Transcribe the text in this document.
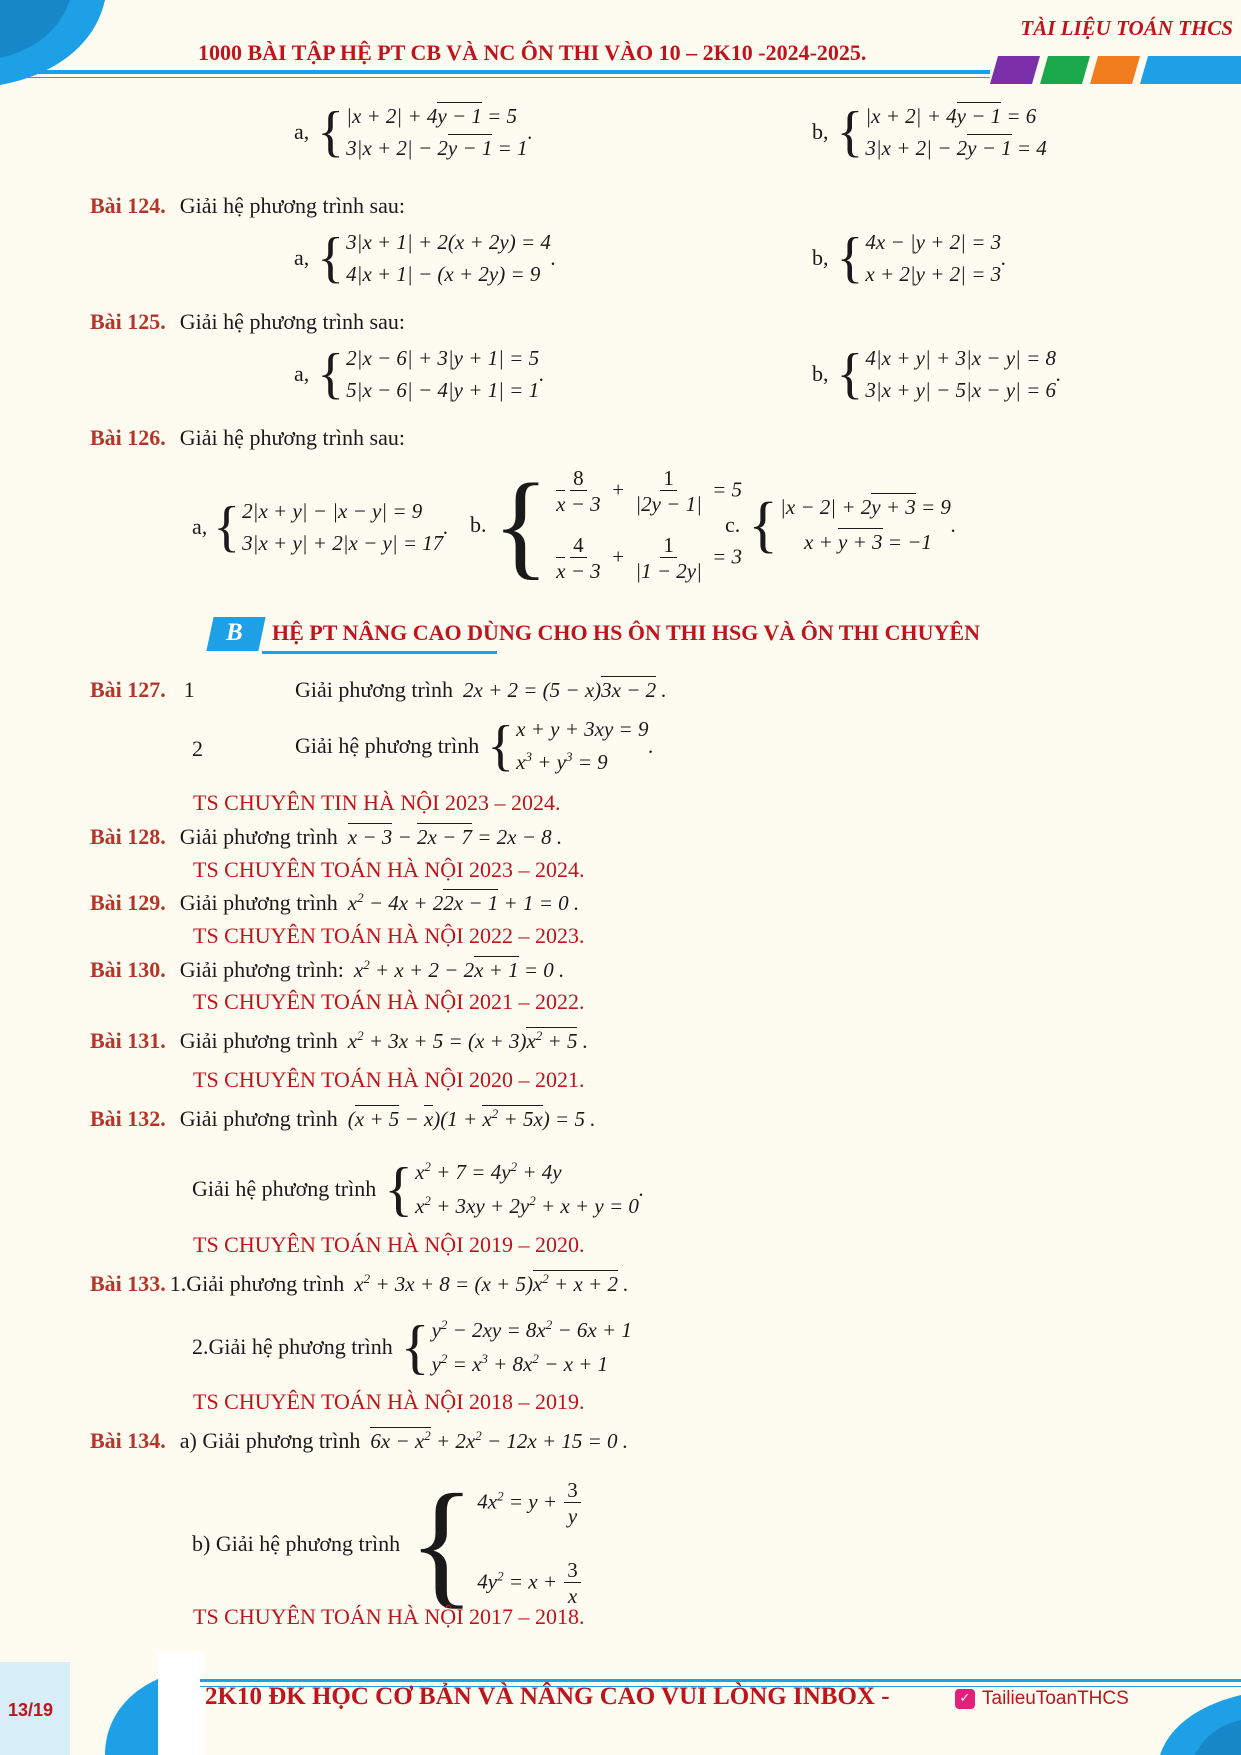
TÀI LIỆU TOÁN THCS
1000 BÀI TẬP HỆ PT CB VÀ NC ÔN THI VÀO 10 – 2K10 -2024-2025.
a, { |x + 2| + 4y − 1 = 5
3|x + 2| − 2y − 1 = 1
.	b, { |x + 2| + 4y − 1 = 6
3|x + 2| − 2y − 1 = 4
Bài 124. Giải hệ phương trình sau:
a, { 3|x + 1| + 2(x + 2y) = 4
4|x + 1| − (x + 2y) = 9
.	b, { 4x − |y + 2| = 3
x + 2|y + 2| = 3
.
Bài 125. Giải hệ phương trình sau:
a, { 2|x − 6| + 3|y + 1| = 5
5|x − 6| − 4|y + 1| = 1
.	b, { 4|x + y| + 3|x − y| = 8
3|x + y| − 5|x − y| = 6
.
Bài 126. Giải hệ phương trình sau:
a, { 2|x + y| − |x − y| = 9
3|x + y| + 2|x − y| = 17
. b. { $\frac{8}{x - 3} + \frac{1}{|2y - 1|} = 5$
$\frac{4}{x - 3} + \frac{1}{|1 - 2y|} = 3$
c. { |x − 2| + 2y + 3 = 9
x + y + 3 = −1
.
B HỆ PT NÂNG CAO DÙNG CHO HS ÔN THI HSG VÀ ÔN THI CHUYÊN
Bài 127. 1	Giải phương trình 2x + 2 = (5 − x)3x − 2 .
2	Giải hệ phương trình { x + y + 3xy = 9
$x^3 + y^3 = 9$
.
TS CHUYÊN TIN HÀ NỘI 2023 – 2024.
Bài 128. Giải phương trình x − 3 − 2x − 7 = 2x − 8 .
TS CHUYÊN TOÁN HÀ NỘI 2023 – 2024.
Bài 129. Giải phương trình $x^2 - 4x + 22x - 1 + 1 = 0$ .
TS CHUYÊN TOÁN HÀ NỘI 2022 – 2023.
Bài 130. Giải phương trình: $x^2 + x + 2 - 2x + 1 = 0$ .
TS CHUYÊN TOÁN HÀ NỘI 2021 – 2022.
Bài 131. Giải phương trình $x^2 + 3x + 5 = (x + 3)x^2 + 5$ .
TS CHUYÊN TOÁN HÀ NỘI 2020 – 2021.
Bài 132. Giải phương trình $(x + 5 - x)(1 + x^2 + 5x) = 5$ .
Giải hệ phương trình { $x^2 + 7 = 4y^2 + 4y$
$x^2 + 3xy + 2y^2 + x + y = 0$
.
TS CHUYÊN TOÁN HÀ NỘI 2019 – 2020.
Bài 133. 1.Giải phương trình $x^2 + 3x + 8 = (x + 5)x^2 + x + 2$ .
2.Giải hệ phương trình { $y^2 - 2xy = 8x^2 - 6x + 1$
$y^2 = x^3 + 8x^2 - x + 1$
TS CHUYÊN TOÁN HÀ NỘI 2018 – 2019.
Bài 134. a) Giải phương trình $6x - x^2 + 2x^2 - 12x + 15 = 0$ .
b) Giải hệ phương trình { $4x^2 = y + \frac{3}{y}$
$4y^2 = x + \frac{3}{x}$
TS CHUYÊN TOÁN HÀ NỘI 2017 – 2018.
13/19	2K10 ĐK HỌC CƠ BẢN VÀ NÂNG CAO VUI LÒNG INBOX -	✓ TailieuToanTHCS
